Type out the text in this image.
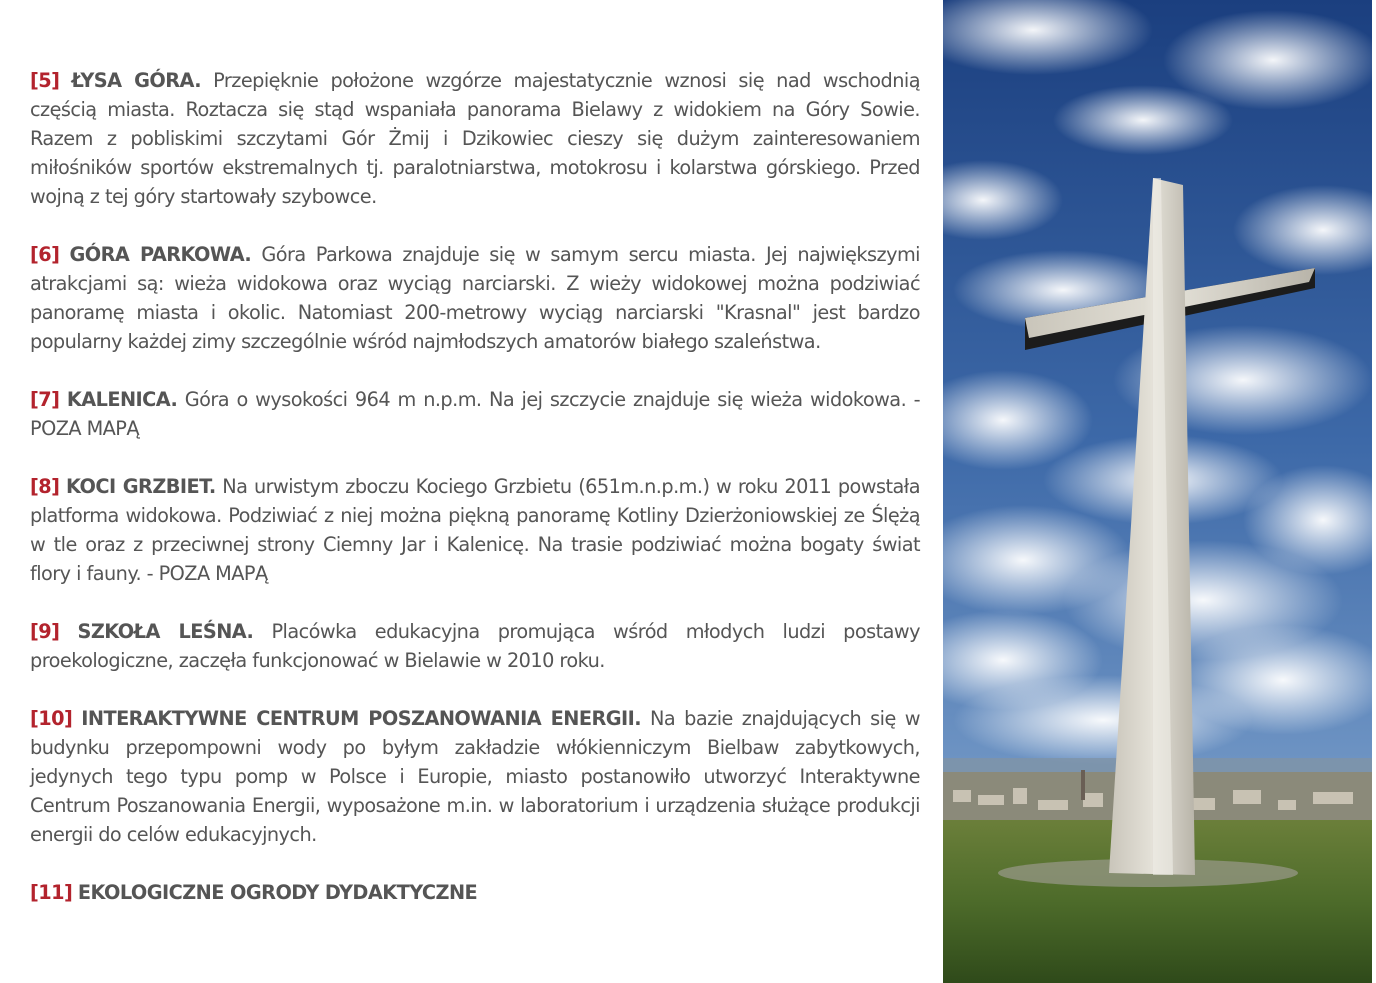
[5] ŁYSA GÓRA. Przepięknie położone wzgórze majestatycznie wznosi się nad wschodnią częścią miasta. Roztacza się stąd wspaniała panorama Bielawy z widokiem na Góry Sowie. Razem z pobliskimi szczytami Gór Żmij i Dzikowiec cieszy się dużym zainteresowaniem miłośników sportów ekstremalnych tj. paralotniarstwa, motokrosu i kolarstwa górskiego. Przed wojną z tej góry startowały szybowce.

[6] GÓRA PARKOWA. Góra Parkowa znajduje się w samym sercu miasta. Jej największymi atrakcjami są: wieża widokowa oraz wyciąg narciarski. Z wieży widokowej można podziwiać panoramę miasta i okolic. Natomiast 200-metrowy wyciąg narciarski "Krasnal" jest bardzo popularny każdej zimy szczególnie wśród najmłodszych amatorów białego szaleństwa.

[7] KALENICA. Góra o wysokości 964 m n.p.m. Na jej szczycie znajduje się wieża widokowa. - POZA MAPĄ

[8] KOCI GRZBIET. Na urwistym zboczu Kociego Grzbietu (651m.n.p.m.) w roku 2011 powstała platforma widokowa. Podziwiać z niej można piękną panoramę Kotliny Dzierżoniowskiej ze Ślężą w tle oraz z przeciwnej strony Ciemny Jar i Kalenicę. Na trasie podziwiać można bogaty świat flory i fauny. - POZA MAPĄ

[9] SZKOŁA LEŚNA. Placówka edukacyjna promująca wśród młodych ludzi postawy proekologiczne, zaczęła funkcjonować w Bielawie w 2010 roku.

[10] INTERAKTYWNE CENTRUM POSZANOWANIA ENERGII. Na bazie znajdujących się w budynku przepompowni wody po byłym zakładzie włókienniczym Bielbaw zabytkowych, jedynych tego typu pomp w Polsce i Europie, miasto postanowiło utworzyć Interaktywne Centrum Poszanowania Energii, wyposażone m.in. w laboratorium i urządzenia służące produkcji energii do celów edukacyjnych.

[11] EKOLOGICZNE OGRODY DYDAKTYCZNE
